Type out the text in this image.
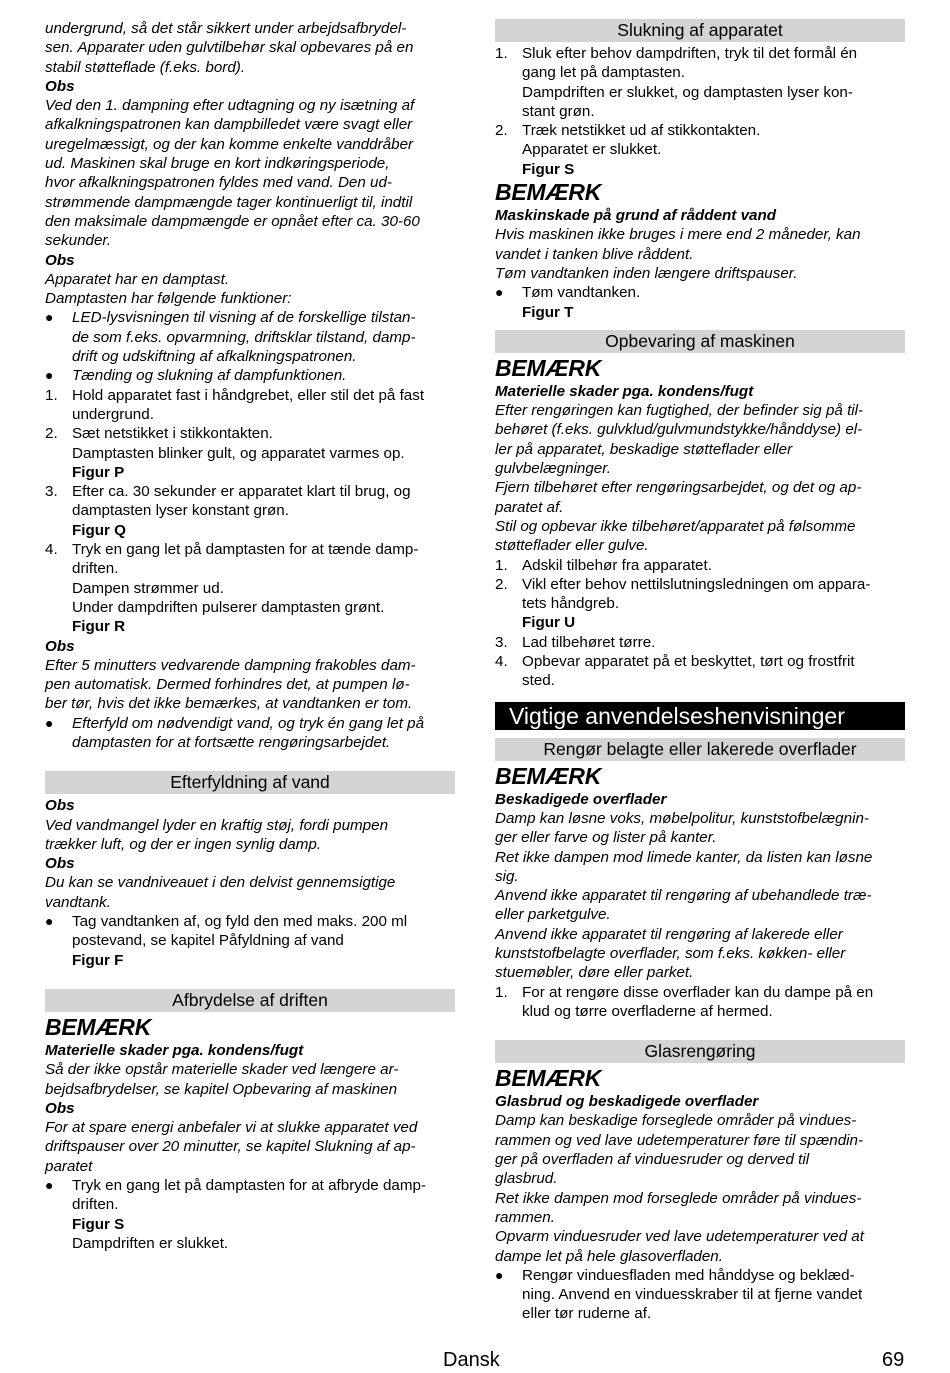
undergrund, så det står sikkert under arbejdsafbrydel-

sen. Apparater uden gulvtilbehør skal opbevares på en

stabil støtteflade (f.eks. bord).

Obs

Ved den 1. dampning efter udtagning og ny isætning af

afkalkningspatronen kan dampbilledet være svagt eller

uregelmæssigt, og der kan komme enkelte vanddråber

ud. Maskinen skal bruge en kort indkøringsperiode,

hvor afkalkningspatronen fyldes med vand. Den ud-

strømmende dampmængde tager kontinuerligt til, indtil

den maksimale dampmængde er opnået efter ca. 30-60

sekunder.

Obs

Apparatet har en damptast.

Damptasten har følgende funktioner:

●	LED-lysvisningen til visning af de forskellige tilstan-

de som f.eks. opvarmning, driftsklar tilstand, damp-

drift og udskiftning af afkalkningspatronen.

●	Tænding og slukning af dampfunktionen.

1. Hold apparatet fast i håndgrebet, eller stil det på fast

undergrund.

2. Sæt netstikket i stikkontakten.

Damptasten blinker gult, og apparatet varmes op.

Figur P

3. Efter ca. 30 sekunder er apparatet klart til brug, og

damptasten lyser konstant grøn.

Figur Q

4. Tryk en gang let på damptasten for at tænde damp-

driften.

Dampen strømmer ud.

Under dampdriften pulserer damptasten grønt.

Figur R

Obs

Efter 5 minutters vedvarende dampning frakobles dam-

pen automatisk. Dermed forhindres det, at pumpen lø-

ber tør, hvis det ikke bemærkes, at vandtanken er tom.

●	Efterfyld om nødvendigt vand, og tryk én gang let på

damptasten for at fortsætte rengøringsarbejdet.

Efterfyldning af vand

Obs

Ved vandmangel lyder en kraftig støj, fordi pumpen

trækker luft, og der er ingen synlig damp.

Obs

Du kan se vandniveauet i den delvist gennemsigtige

vandtank.

●	Tag vandtanken af, og fyld den med maks. 200 ml

postevand, se kapitel Påfyldning af vand

Figur F

Afbrydelse af driften

BEMÆRK

Materielle skader pga. kondens/fugt

Så der ikke opstår materielle skader ved længere ar-

bejdsafbrydelser, se kapitel Opbevaring af maskinen

Obs

For at spare energi anbefaler vi at slukke apparatet ved

driftspauser over 20 minutter, se kapitel Slukning af ap-

paratet

●	Tryk en gang let på damptasten for at afbryde damp-

driften.

Figur S

Dampdriften er slukket.

Slukning af apparatet
1. Sluk efter behov dampdriften, tryk til det formål én

gang let på damptasten.

Dampdriften er slukket, og damptasten lyser kon-

stant grøn.

2. Træk netstikket ud af stikkontakten.

Apparatet er slukket.

Figur S

BEMÆRK

Maskinskade på grund af råddent vand

Hvis maskinen ikke bruges i mere end 2 måneder, kan

vandet i tanken blive råddent.

Tøm vandtanken inden længere driftspauser.

●	Tøm vandtanken.

Figur T

Opbevaring af maskinen

BEMÆRK

Materielle skader pga. kondens/fugt

Efter rengøringen kan fugtighed, der befinder sig på til-

behøret (f.eks. gulvklud/gulvmundstykke/hånddyse) el-

ler på apparatet, beskadige støtteflader eller

gulvbelægninger.

Fjern tilbehøret efter rengøringsarbejdet, og det og ap-

paratet af.

Stil og opbevar ikke tilbehøret/apparatet på følsomme

støtteflader eller gulve.

1. Adskil tilbehør fra apparatet.

2. Vikl efter behov nettilslutningsledningen om appara-

tets håndgreb.

Figur U

3. Lad tilbehøret tørre.

4. Opbevar apparatet på et beskyttet, tørt og frostfrit

sted.

Vigtige anvendelseshenvisninger
Rengør belagte eller lakerede overflader

BEMÆRK

Beskadigede overflader

Damp kan løsne voks, møbelpolitur, kunststofbelægnin-

ger eller farve og lister på kanter.

Ret ikke dampen mod limede kanter, da listen kan løsne

sig.

Anvend ikke apparatet til rengøring af ubehandlede træ-

eller parketgulve.

Anvend ikke apparatet til rengøring af lakerede eller

kunststofbelagte overflader, som f.eks. køkken- eller

stuemøbler, døre eller parket.

1. For at rengøre disse overflader kan du dampe på en

klud og tørre overfladerne af hermed.

Glasrengøring

BEMÆRK

Glasbrud og beskadigede overflader

Damp kan beskadige forseglede områder på vindues-

rammen og ved lave udetemperaturer føre til spændin-

ger på overfladen af vinduesruder og derved til

glasbrud.

Ret ikke dampen mod forseglede områder på vindues-

rammen.

Opvarm vinduesruder ved lave udetemperaturer ved at

dampe let på hele glasoverfladen.

●	Rengør vinduesfladen med hånddyse og beklæd-

ning. Anvend en vinduesskraber til at fjerne vandet

eller tør ruderne af.

Dansk	69
